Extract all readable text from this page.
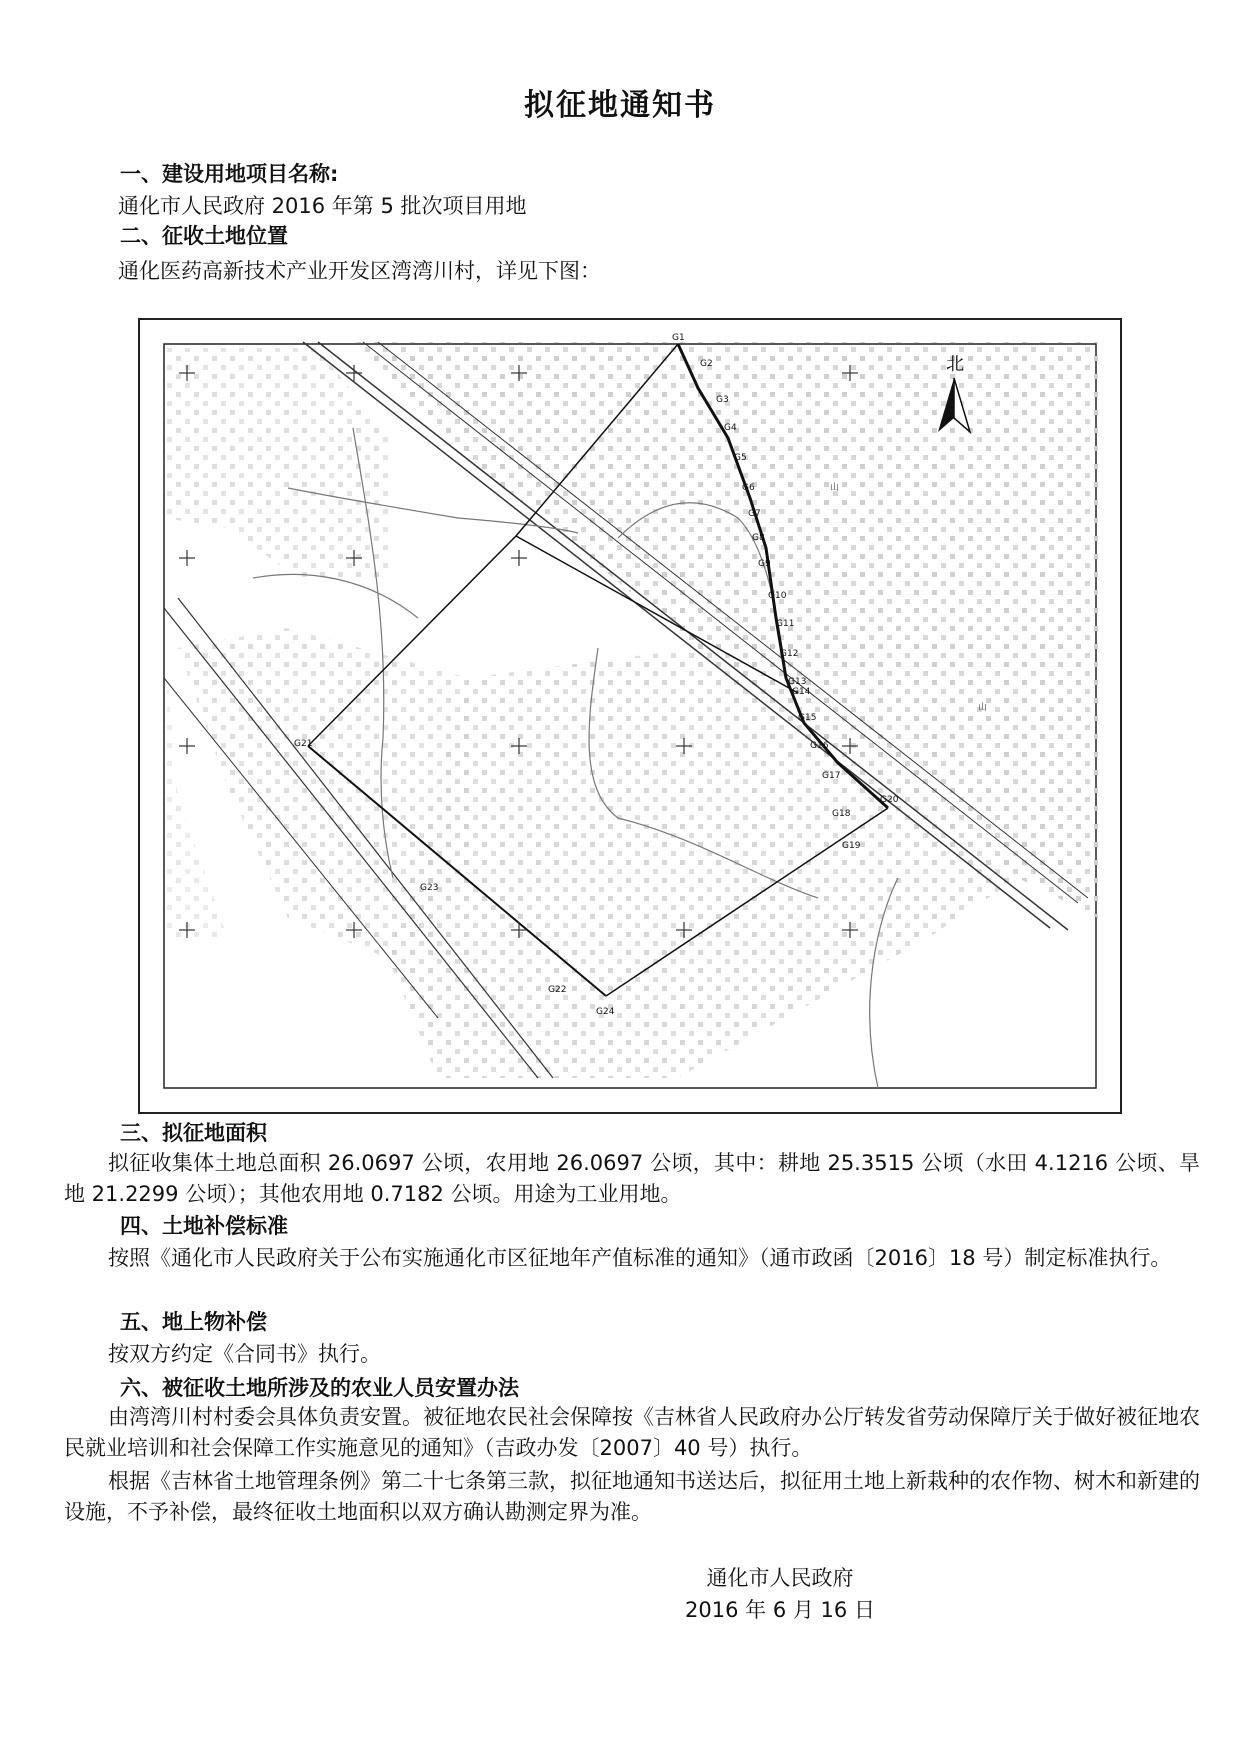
拟征地通知书
一、建设用地项目名称:
通化市人民政府 2016 年第 5 批次项目用地
二、征收土地位置
通化医药高新技术产业开发区湾湾川村，详见下图：
北
山
山
G1
G2
G3
G4
G5
G6
G7
G8
G9
G10
G11
G12
G13
G14
G15
G16
G17
G18
G19
G20
G21
G22
G23
G24
三、拟征地面积
拟征收集体土地总面积 26.0697 公顷，农用地 26.0697 公顷，其中：耕地 25.3515 公顷（水田 4.1216 公顷、旱地 21.2299 公顷）；其他农用地 0.7182 公顷。用途为工业用地。
四、土地补偿标准
按照《通化市人民政府关于公布实施通化市区征地年产值标准的通知》（通市政函〔2016〕18 号）制定标准执行。
五、地上物补偿
按双方约定《合同书》执行。
六、被征收土地所涉及的农业人员安置办法
由湾湾川村村委会具体负责安置。被征地农民社会保障按《吉林省人民政府办公厅转发省劳动保障厅关于做好被征地农民就业培训和社会保障工作实施意见的通知》（吉政办发〔2007〕40 号）执行。
根据《吉林省土地管理条例》第二十七条第三款，拟征地通知书送达后，拟征用土地上新栽种的农作物、树木和新建的设施，不予补偿，最终征收土地面积以双方确认勘测定界为准。
通化市人民政府
2016 年 6 月 16 日
